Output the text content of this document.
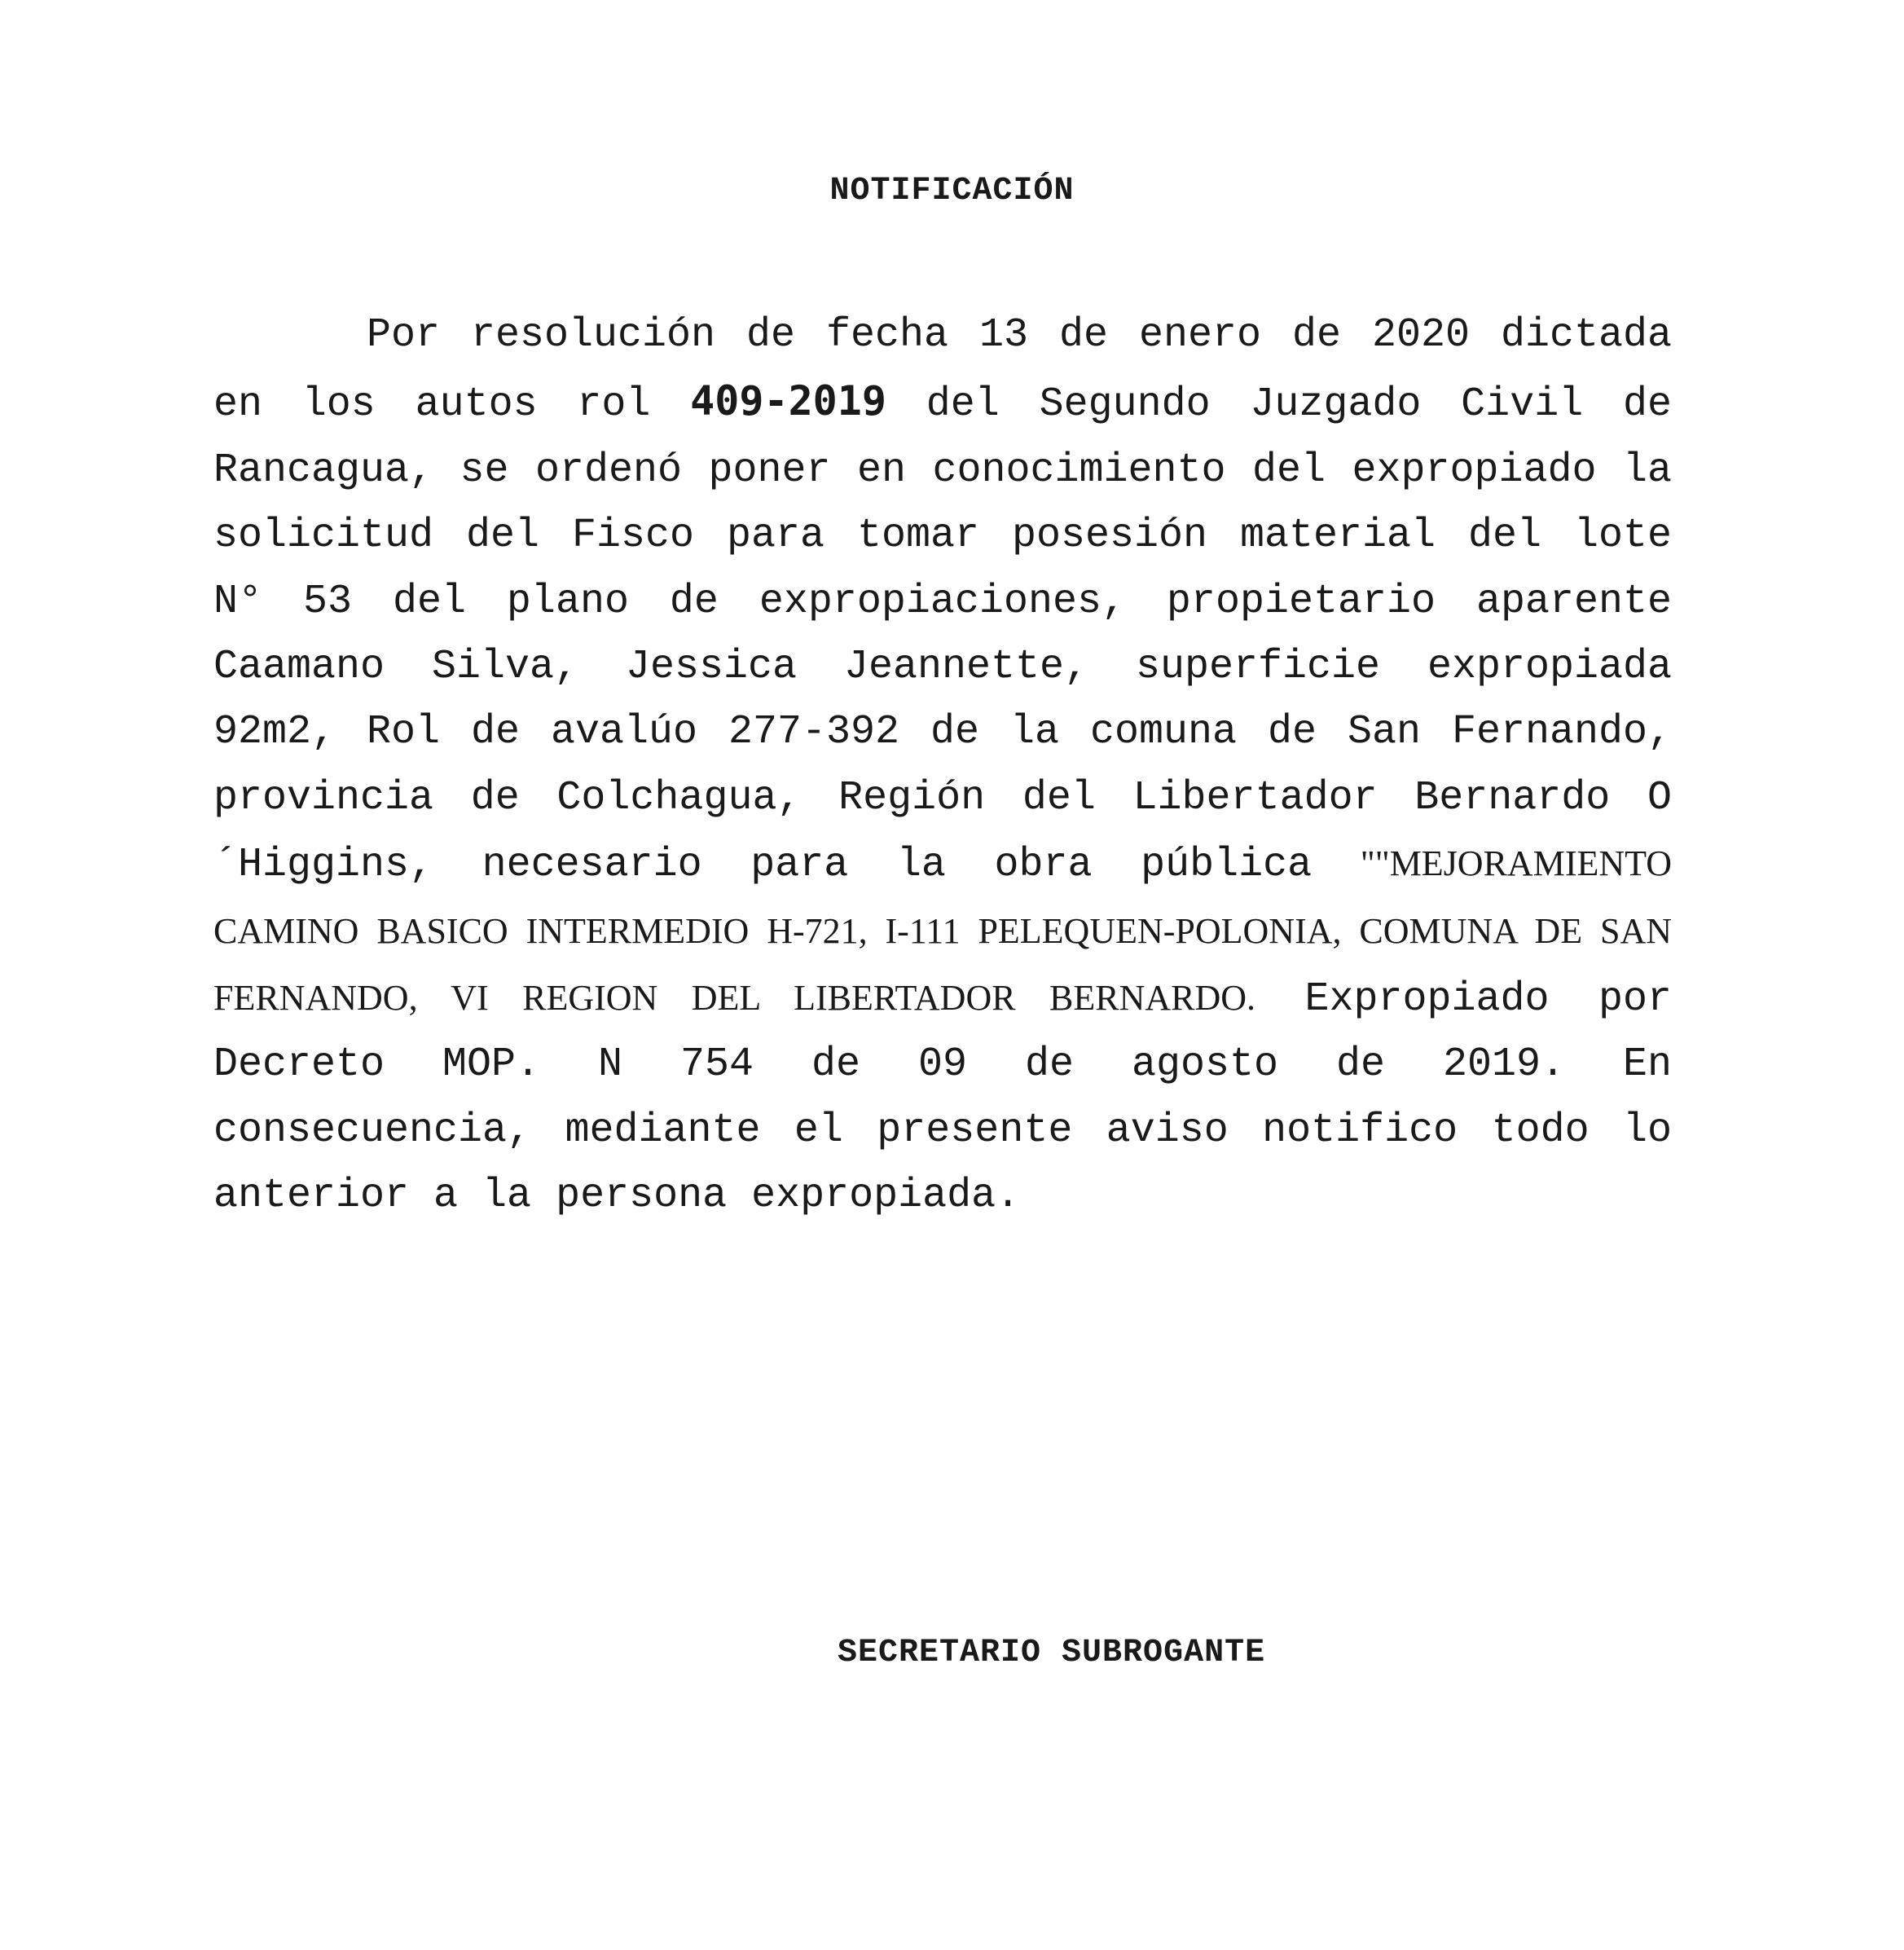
NOTIFICACIÓN

Por resolución de fecha 13 de enero de 2020 dictada en los autos rol 409-2019 del Segundo Juzgado Civil de Rancagua, se ordenó poner en conocimiento del expropiado la solicitud del Fisco para tomar posesión material del lote N° 53 del plano de expropiaciones, propietario aparente Caamano Silva, Jessica Jeannette, superficie expropiada 92m2, Rol de avalúo 277-392 de la comuna de San Fernando, provincia de Colchagua, Región del Libertador Bernardo O´Higgins, necesario para la obra pública ""MEJORAMIENTO CAMINO BASICO INTERMEDIO H-721, I-111 PELEQUEN-POLONIA, COMUNA DE SAN FERNANDO, VI REGION DEL LIBERTADOR BERNARDO. Expropiado por Decreto MOP. N 754 de 09 de agosto de 2019. En consecuencia, mediante el presente aviso notifico todo lo anterior a la persona expropiada.

SECRETARIO SUBROGANTE
